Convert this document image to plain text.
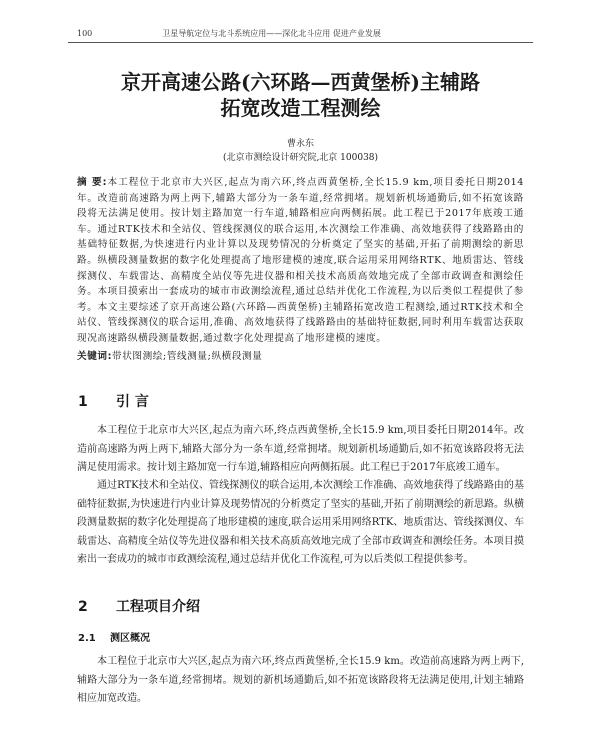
100	卫星导航定位与北斗系统应用——深化北斗应用 促进产业发展
京开高速公路(六环路—西黄堡桥)主辅路
拓宽改造工程测绘
曹永东
(北京市测绘设计研究院,北京 100038)
摘 要:本工程位于北京市大兴区,起点为南六环,终点西黄堡桥,全长15.9 km,项目委托日期2014年。改造前高速路为两上两下,辅路大部分为一条车道,经常拥堵。规划新机场通勤后,如不拓宽该路段将无法满足使用。按计划主路加宽一行车道,辅路相应向两侧拓展。此工程已于2017年底竣工通车。通过RTK技术和全站仪、管线探测仪的联合运用,本次测绘工作准确、高效地获得了线路路由的基础特征数据,为快速进行内业计算以及现势情况的分析奠定了坚实的基础,开拓了前期测绘的新思路。纵横段测量数据的数字化处理提高了地形建模的速度,联合运用采用网络RTK、地质雷达、管线探测仪、车载雷达、高精度全站仪等先进仪器和相关技术高质高效地完成了全部市政调查和测绘任务。本项目摸索出一套成功的城市市政测绘流程,通过总结并优化工作流程,为以后类似工程提供了参考。本文主要综述了京开高速公路(六环路—西黄堡桥)主辅路拓宽改造工程测绘,通过RTK技术和全站仪、管线探测仪的联合运用,准确、高效地获得了线路路由的基础特征数据,同时利用车载雷达获取现况高速路纵横段测量数据,通过数字化处理提高了地形建模的速度。
关键词:带状图测绘;管线测量;纵横段测量
1 引 言

本工程位于北京市大兴区,起点为南六环,终点西黄堡桥,全长15.9 km,项目委托日期2014年。改造前高速路为两上两下,辅路大部分为一条车道,经常拥堵。规划新机场通勤后,如不拓宽该路段将无法满足使用需求。按计划主路加宽一行车道,辅路相应向两侧拓展。此工程已于2017年底竣工通车。

通过RTK技术和全站仪、管线探测仪的联合运用,本次测绘工作准确、高效地获得了线路路由的基础特征数据,为快速进行内业计算及现势情况的分析奠定了坚实的基础,开拓了前期测绘的新思路。纵横段测量数据的数字化处理提高了地形建模的速度,联合运用采用网络RTK、地质雷达、管线探测仪、车载雷达、高精度全站仪等先进仪器和相关技术高质高效地完成了全部市政调查和测绘任务。本项目摸索出一套成功的城市市政测绘流程,通过总结并优化工作流程,可为以后类似工程提供参考。

2 工程项目介绍
2.1 测区概况

本工程位于北京市大兴区,起点为南六环,终点西黄堡桥,全长15.9 km。改造前高速路为两上两下,辅路大部分为一条车道,经常拥堵。规划的新机场通勤后,如不拓宽该路段将无法满足使用,计划主辅路相应加宽改造。
